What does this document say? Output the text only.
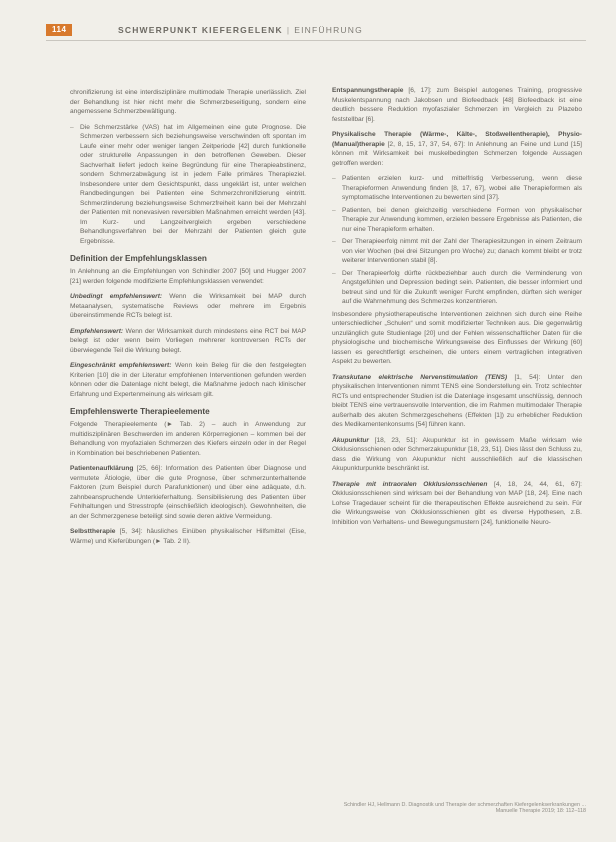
114	SCHWERPUNKT KIEFERGELENK | EINFÜHRUNG

chronifizierung ist eine interdisziplinäre multimodale Therapie unerlässlich. Ziel der Behandlung ist hier nicht mehr die Schmerzbeseitigung, sondern eine angemessene Schmerzbewältigung.

– Die Schmerzstärke (VAS) hat im Allgemeinen eine gute Prognose. Die Schmerzen verbessern sich beziehungsweise verschwinden oft spontan im Laufe einer mehr oder weniger langen Zeitperiode [42] durch funktionelle oder strukturelle Anpassungen in den betroffenen Geweben. Dieser Sachverhalt liefert jedoch keine Begründung für eine Therapieabstinenz, sondern Schmerzabwägung ist in jedem Falle primäres Therapieziel. Insbesondere unter dem Gesichtspunkt, dass ungeklärt ist, unter welchen Randbedingungen bei Patienten eine Schmerzchronifizierung eintritt. Schmerzlinderung beziehungsweise Schmerzfreiheit kann bei der Mehrzahl der Patienten mit nonevasiven reversiblen Maßnahmen erreicht werden [43]. Im Kurz- und Langzeitvergleich ergeben verschiedene Behandlungsverfahren bei der Mehrzahl der Patienten gleich gute Ergebnisse.
Definition der Empfehlungsklassen

In Anlehnung an die Empfehlungen von Schindler 2007 [50] und Hugger 2007 [21] werden folgende modifizierte Empfehlungsklassen verwendet:

Unbedingt empfehlenswert: Wenn die Wirksamkeit bei MAP durch Metaanalysen, systematische Reviews oder mehrere im Ergebnis übereinstimmende RCTs belegt ist.

Empfehlenswert: Wenn der Wirksamkeit durch mindestens eine RCT bei MAP belegt ist oder wenn beim Vorliegen mehrerer kontroversen RCTs der überwiegende Teil die Wirkung belegt.

Eingeschränkt empfehlenswert: Wenn kein Beleg für die den festgelegten Kriterien [10] die in der Literatur empfohlenen Interventionen gefunden werden können oder die Datenlage nicht belegt, die Maßnahme jedoch nach klinischer Erfahrung und Expertenmeinung als wirksam gilt.

Empfehlenswerte Therapieelemente

Folgende Therapieelemente (► Tab. 2) – auch in Anwendung zur multidisziplinären Beschwerden im anderen Körperregionen – kommen bei der Behandlung von myofazialen Schmerzen des Kiefers einzeln oder in der Regel in Kombination bei beschriebenen Patienten.

Patientenaufklärung [25, 66]: Information des Patienten über Diagnose und vermutete Ätiologie, über die gute Prognose, über schmerzunterhaltende Faktoren (zum Beispiel durch Parafunktionen) und über eine adäquate, d.h. zahnbeanspruchende Unterkieferhaltung. Sensibilisierung des Patienten über Fehlhaltungen und Stresstropfe (einschließlich ideologisch). Gewohnheiten, die an der Schmerzgenese beteiligt sind sowie deren aktive Vermeidung.

Selbsttherapie [5, 34]: häusliches Einüben physikalischer Hilfsmittel (Eise, Wärme) und Kieferübungen (► Tab. 2 II).

Entspannungstherapie [6, 17]: zum Beispiel autogenes Training, progressive Muskelentspannung nach Jakobsen und Biofeedback [48] Biofeedback ist eine deutlich bessere Reduktion myofaszialer Schmerzen im Vergleich zu Plazebo feststellbar [6].

Physikalische Therapie (Wärme-, Kälte-, Stoßwellentherapie), Physio-(Manual)therapie [2, 8, 15, 17, 37, 54, 67]: In Anlehnung an Feine und Lund [15] können mit Wirksamkeit bei muskelbedingten Schmerzen folgende Aussagen getroffen werden:

– Patienten erzielen kurz- und mittelfristig Verbesserung, wenn diese Therapieformen Anwendung finden [8, 17, 67], wobei alle Therapieformen als symptomatische Interventionen zu bewerten sind [37].
– Patienten, bei denen gleichzeitig verschiedene Formen von physikalischer Therapie zur Anwendung kommen, erzielen bessere Ergebnisse als Patienten, die nur eine Therapieform erhalten.
– Der Therapieerfolg nimmt mit der Zahl der Therapiesitzungen in einem Zeitraum von vier Wochen (bei drei Sitzungen pro Woche) zu; danach kommt bleibt er trotz weiterer Interventionen stabil [8].
– Der Therapieerfolg dürfte rückbeziehbar auch durch die Verminderung von Angstgefühlen und Depression bedingt sein. Patienten, die besser informiert und betreut sind und für die Zukunft weniger Furcht empfinden, dürften sich weniger auf die Wahrnehmung des Schmerzes konzentrieren.

Insbesondere physiotherapeutische Interventionen zeichnen sich durch eine Reihe unterschiedlicher „Schulen“ und somit modifizierter Techniken aus. Die gegenwärtig unzulänglich gute Studienlage [20] und der Fehlen wissenschaftlicher Daten für die physiologische und biochemische Wirkungsweise des Einflusses der Wirkung [60] lassen es gerechtfertigt erscheinen, die unters einem vertraglichen integrativen Aspekt zu bewerten.

Transkutane elektrische Nervenstimulation (TENS) [1, 54]: Unter den physikalischen Interventionen nimmt TENS eine Sonderstellung ein. Trotz schlechter RCTs und entsprechender Studien ist die Datenlage insgesamt unschlüssig, dennoch bleibt TENS eine vertrauensvolle Intervention, die im Rahmen multimodaler Therapie außerhalb des akuten Schmerzgeschehens (Effekten [1]) zu erheblicher Reduktion des Medikamentenkonsums [54] führen kann.

Akupunktur [18, 23, 51]: Akupunktur ist in gewissem Maße wirksam wie Okklusionsschienen oder Schmerzakupunktur [18, 23, 51]. Dies lässt den Schluss zu, dass die Wirkung von Akupunktur nicht ausschließlich auf die klassischen Akupunkturpunkte beschränkt ist.

Therapie mit intraoralen Okklusionsschienen [4, 18, 24, 44, 61, 67]: Okklusionsschienen sind wirksam bei der Behandlung von MAP [18, 24]. Eine nach Lohse Tragedauer scheint für die therapeutischen Effekte ausreichend zu sein. Für die Wirkungsweise von Okklusionsschienen gibt es diverse Hypothesen, z.B. Inhibition von Verhaltens- und Bewegungsmustern [24], funktionelle Neuro-

Schindler HJ, Hellmann D. Diagnostik und Therapie der schmerzhaften Kiefergelenkserkrankungen ... Manuelle Therapie 2019; 18: 112–118
